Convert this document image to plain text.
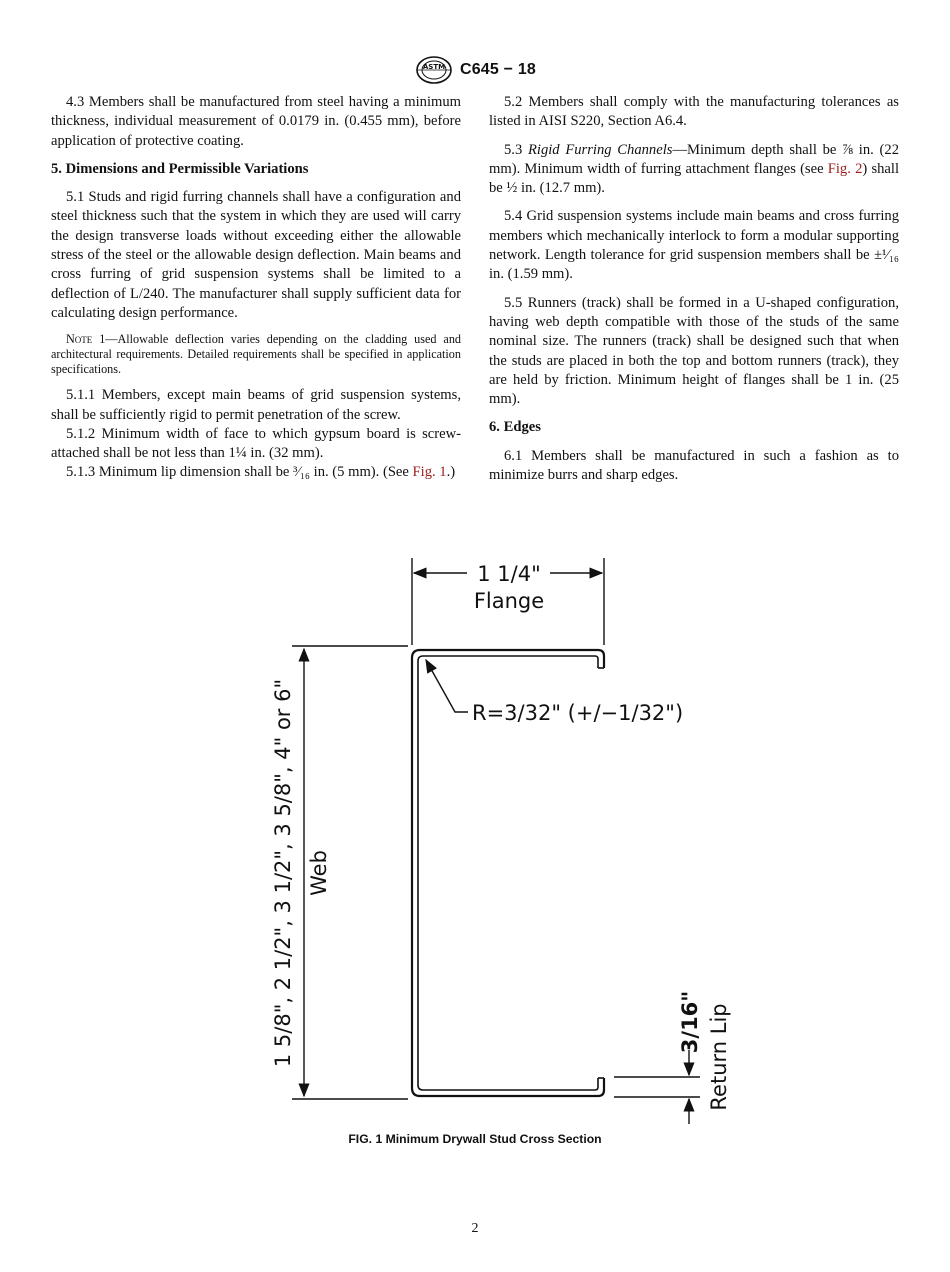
ASTM C645 − 18

4.3 Members shall be manufactured from steel having a minimum thickness, individual measurement of 0.0179 in. (0.455 mm), before application of protective coating.

5. Dimensions and Permissible Variations

5.1 Studs and rigid furring channels shall have a configuration and steel thickness such that the system in which they are used will carry the design transverse loads without exceeding either the allowable stress of the steel or the allowable design deflection. Main beams and cross furring of grid suspension systems shall be limited to a deflection of L/240. The manufacturer shall supply sufficient data for calculating design performance.

Note 1—Allowable deflection varies depending on the cladding used and architectural requirements. Detailed requirements shall be specified in application specifications.

5.1.1 Members, except main beams of grid suspension systems, shall be sufficiently rigid to permit penetration of the screw.

5.1.2 Minimum width of face to which gypsum board is screw-attached shall be not less than 1¼ in. (32 mm).

5.1.3 Minimum lip dimension shall be ³⁄₁₆ in. (5 mm). (See Fig. 1.)

5.2 Members shall comply with the manufacturing tolerances as listed in AISI S220, Section A6.4.

5.3 Rigid Furring Channels—Minimum depth shall be ⅞ in. (22 mm). Minimum width of furring attachment flanges (see Fig. 2) shall be ½ in. (12.7 mm).

5.4 Grid suspension systems include main beams and cross furring members which mechanically interlock to form a modular supporting network. Length tolerance for grid suspension members shall be ±¹⁄₁₆ in. (1.59 mm).

5.5 Runners (track) shall be formed in a U-shaped configuration, having web depth compatible with those of the studs of the same nominal size. The runners (track) shall be designed such that when the studs are placed in both the top and bottom runners (track), they are held by friction. Minimum height of flanges shall be 1 in. (25 mm).

6. Edges

6.1 Members shall be manufactured in such a fashion as to minimize burrs and sharp edges.

1 1/4"
Flange
R=3/32" (+/−1/32")
1 5/8", 2 1/2", 3 1/2", 3 5/8", 4" or 6" Web
3/16" Return Lip
FIG. 1 Minimum Drywall Stud Cross Section
2
